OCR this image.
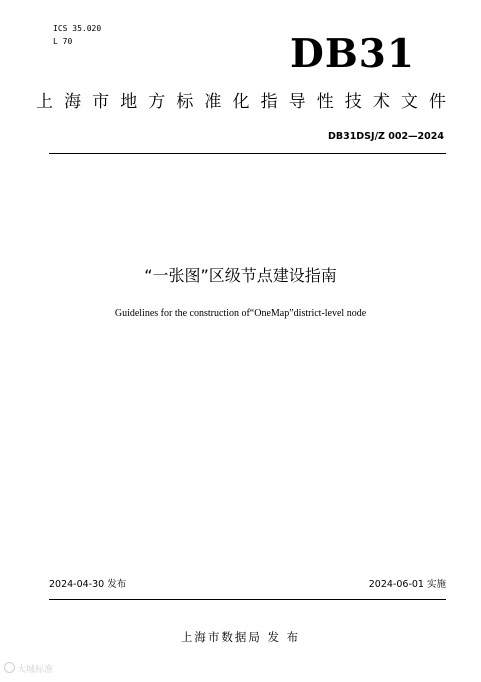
ICS 35.020
L 70	DB31
上海市地方标准化指导性技术文件
DB31DSJ/Z 002—2024
“一张图”区级节点建设指南
Guidelines for the construction of“OneMap”district-level node
2024-04-30 发布	2024-06-01 实施
上海市数据局 发 布
大城标准
